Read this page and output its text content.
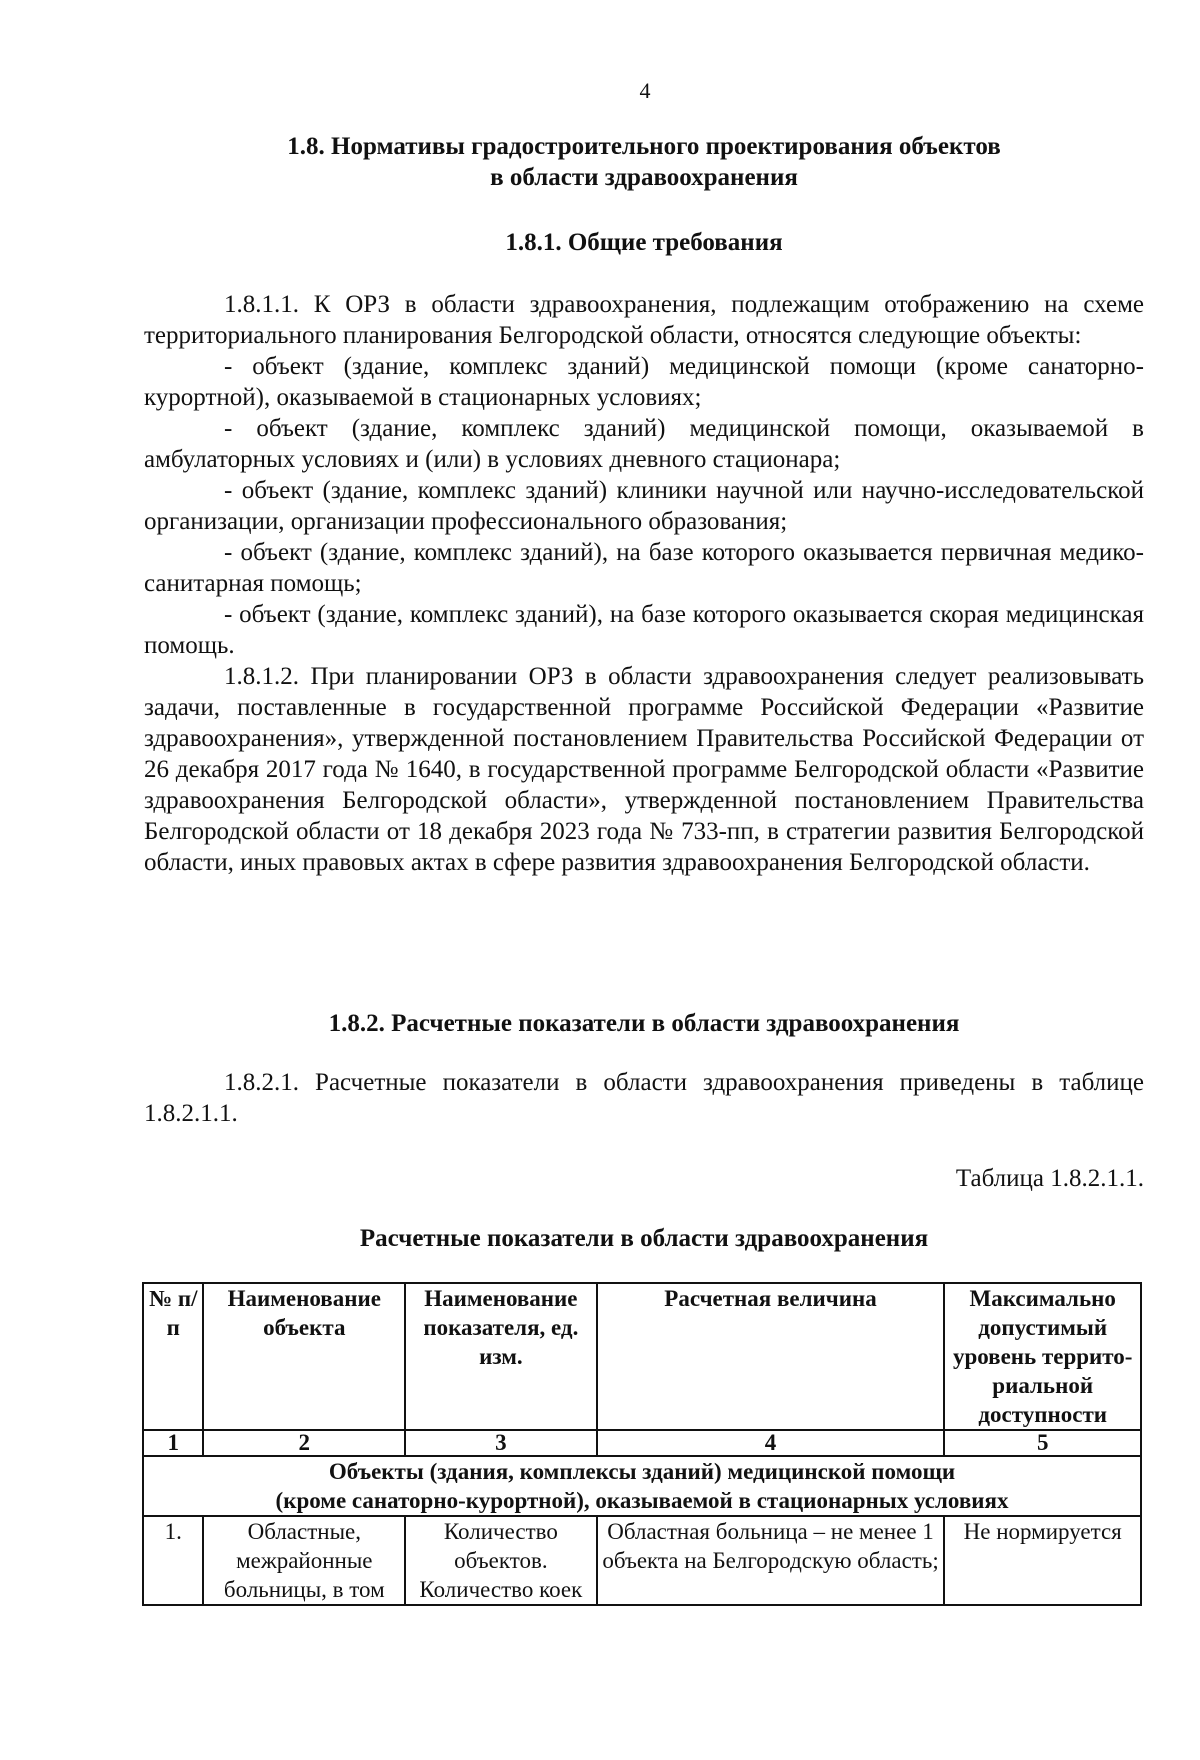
4
1.8. Нормативы градостроительного проектирования объектов
в области здравоохранения
1.8.1. Общие требования

1.8.1.1. К ОРЗ в области здравоохранения, подлежащим отображению на схеме территориального планирования Белгородской области, относятся следующие объекты:

- объект (здание, комплекс зданий) медицинской помощи (кроме санаторно-курортной), оказываемой в стационарных условиях;

- объект (здание, комплекс зданий) медицинской помощи, оказываемой в амбулаторных условиях и (или) в условиях дневного стационара;

- объект (здание, комплекс зданий) клиники научной или научно-исследовательской организации, организации профессионального образования;

- объект (здание, комплекс зданий), на базе которого оказывается первичная медико-санитарная помощь;

- объект (здание, комплекс зданий), на базе которого оказывается скорая медицинская помощь.

1.8.1.2. При планировании ОРЗ в области здравоохранения следует реализовывать задачи, поставленные в государственной программе Российской Федерации «Развитие здравоохранения», утвержденной постановлением Правительства Российской Федерации от 26 декабря 2017 года № 1640, в государственной программе Белгородской области «Развитие здравоохранения Белгородской области», утвержденной постановлением Правительства Белгородской области от 18 декабря 2023 года № 733-пп, в стратегии развития Белгородской области, иных правовых актах в сфере развития здравоохранения Белгородской области.

1.8.2. Расчетные показатели в области здравоохранения

1.8.2.1. Расчетные показатели в области здравоохранения приведены в таблице 1.8.2.1.1.

Таблица 1.8.2.1.1.
Расчетные показатели в области здравоохранения
№ п/п	Наименование объекта	Наименование показателя, ед. изм.	Расчетная величина	Максимально допустимый уровень террито-риальной доступности
1	2	3	4	5

Объекты (здания, комплексы зданий) медицинской помощи
(кроме санаторно-курортной), оказываемой в стационарных условиях				

1.	Областные, межрайонные больницы, в том	Количество объектов. Количество коек	Областная больница – не менее 1 объекта на Белгородскую область;	Не нормируется
